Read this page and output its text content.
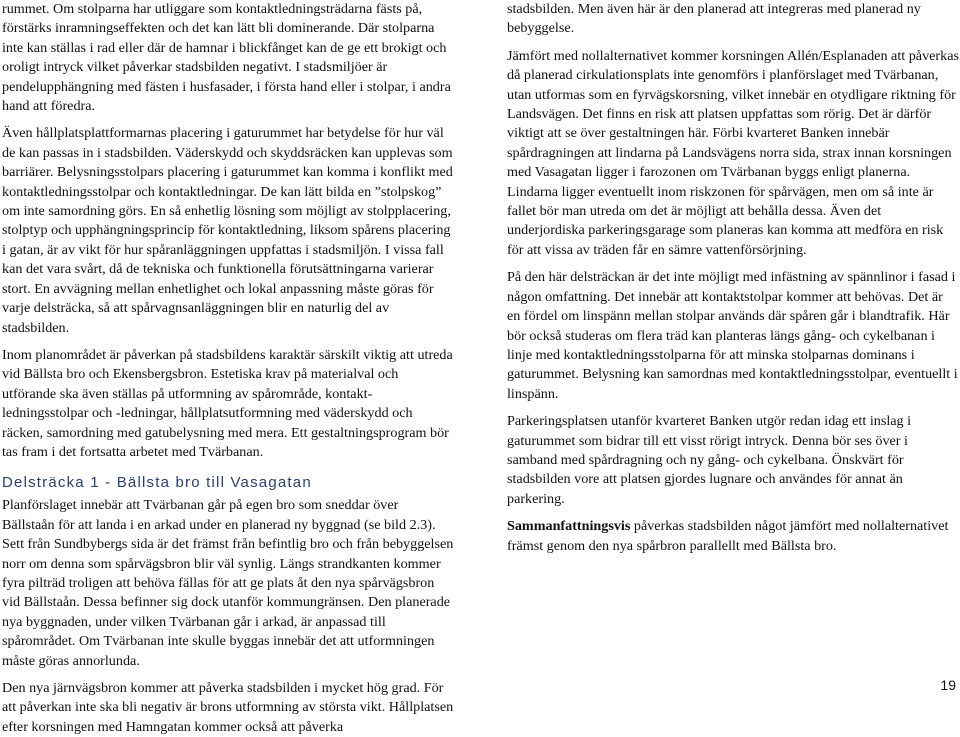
rummet. Om stolparna har utliggare som kontaktledningsträdarna fästs på, förstärks inramningseffekten och det kan lätt bli dominerande. Där stolparna inte kan ställas i rad eller där de hamnar i blickfånget kan de ge ett brokigt och oroligt intryck vilket påverkar stadsbilden negativt. I stadsmiljöer är pendelupphängning med fästen i husfasader, i första hand eller i stolpar, i andra hand att föredra.

Även hållplatsplattformarnas placering i gaturummet har betydelse för hur väl de kan passas in i stadsbilden. Väderskydd och skyddsräcken kan upplevas som barriärer. Belysningsstolpars placering i gaturummet kan komma i konflikt med kontaktledningsstolpar och kontaktledningar. De kan lätt bilda en ”stolpskog” om inte samordning görs. En så enhetlig lösning som möjligt av stolpplacering, stolptyp och upphängningsprincip för kontaktledning, liksom spårens placering i gatan, är av vikt för hur spåranläggningen uppfattas i stadsmiljön. I vissa fall kan det vara svårt, då de tekniska och funktionella förutsättningarna varierar stort. En avvägning mellan enhetlighet och lokal anpassning måste göras för varje delsträcka, så att spårvagnsanläggningen blir en naturlig del av stadsbilden.

Inom planområdet är påverkan på stadsbildens karaktär särskilt viktig att utreda vid Bällsta bro och Ekensbergsbron. Estetiska krav på materialval och utförande ska även ställas på utformning av spårområde, kontakt-ledningsstolpar och -ledningar, hållplatsutformning med väderskydd och räcken, samordning med gatubelysning med mera. Ett gestaltningsprogram bör tas fram i det fortsatta arbetet med Tvärbanan.

Delsträcka 1 - Bällsta bro till Vasagatan

Planförslaget innebär att Tvärbanan går på egen bro som sneddar över Bällstaån för att landa i en arkad under en planerad ny byggnad (se bild 2.3). Sett från Sundbybergs sida är det främst från befintlig bro och från bebyggelsen norr om denna som spårvägsbron blir väl synlig. Längs strandkanten kommer fyra pilträd troligen att behöva fällas för att ge plats åt den nya spårvägsbron vid Bällstaån. Dessa befinner sig dock utanför kommungränsen. Den planerade nya byggnaden, under vilken Tvärbanan går i arkad, är anpassad till spårområdet. Om Tvärbanan inte skulle byggas innebär det att utformningen måste göras annorlunda.

Den nya järnvägsbron kommer att påverka stadsbilden i mycket hög grad. För att påverkan inte ska bli negativ är brons utformning av största vikt. Hållplatsen efter korsningen med Hamngatan kommer också att påverka

stadsbilden. Men även här är den planerad att integreras med planerad ny bebyggelse.

Jämfört med nollalternativet kommer korsningen Allén/Esplanaden att påverkas då planerad cirkulationsplats inte genomförs i planförslaget med Tvärbanan, utan utformas som en fyrvägskorsning, vilket innebär en otydligare riktning för Landsvägen. Det finns en risk att platsen uppfattas som rörig. Det är därför viktigt att se över gestaltningen här. Förbi kvarteret Banken innebär spårdragningen att lindarna på Landsvägens norra sida, strax innan korsningen med Vasagatan ligger i farozonen om Tvärbanan byggs enligt planerna. Lindarna ligger eventuellt inom riskzonen för spårvägen, men om så inte är fallet bör man utreda om det är möjligt att behålla dessa. Även det underjordiska parkeringsgarage som planeras kan komma att medföra en risk för att vissa av träden får en sämre vattenförsörjning.

På den här delsträckan är det inte möjligt med infästning av spännlinor i fasad i någon omfattning. Det innebär att kontaktstolpar kommer att behövas. Det är en fördel om linspänn mellan stolpar används där spåren går i blandtrafik. Här bör också studeras om flera träd kan planteras längs gång- och cykelbanan i linje med kontaktledningsstolparna för att minska stolparnas dominans i gaturummet. Belysning kan samordnas med kontaktledningsstolpar, eventuellt i linspänn.

Parkeringsplatsen utanför kvarteret Banken utgör redan idag ett inslag i gaturummet som bidrar till ett visst rörigt intryck. Denna bör ses över i samband med spårdragning och ny gång- och cykelbana. Önskvärt för stadsbilden vore att platsen gjordes lugnare och användes för annat än parkering.

Sammanfattningsvis påverkas stadsbilden något jämfört med nollalternativet främst genom den nya spårbron parallellt med Bällsta bro.

19
